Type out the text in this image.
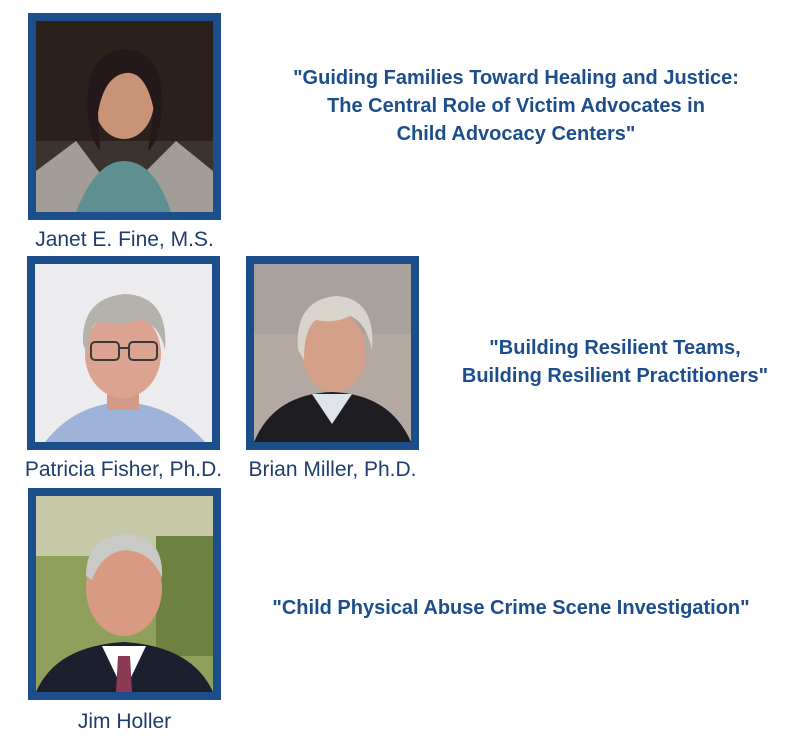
Janet E. Fine, M.S.
"Guiding Families Toward Healing and Justice:
The Central Role of Victim Advocates in
Child Advocacy Centers"
Patricia Fisher, Ph.D.	Brian Miller, Ph.D.
"Building Resilient Teams,
Building Resilient Practitioners"
Jim Holler
"Child Physical Abuse Crime Scene Investigation"
